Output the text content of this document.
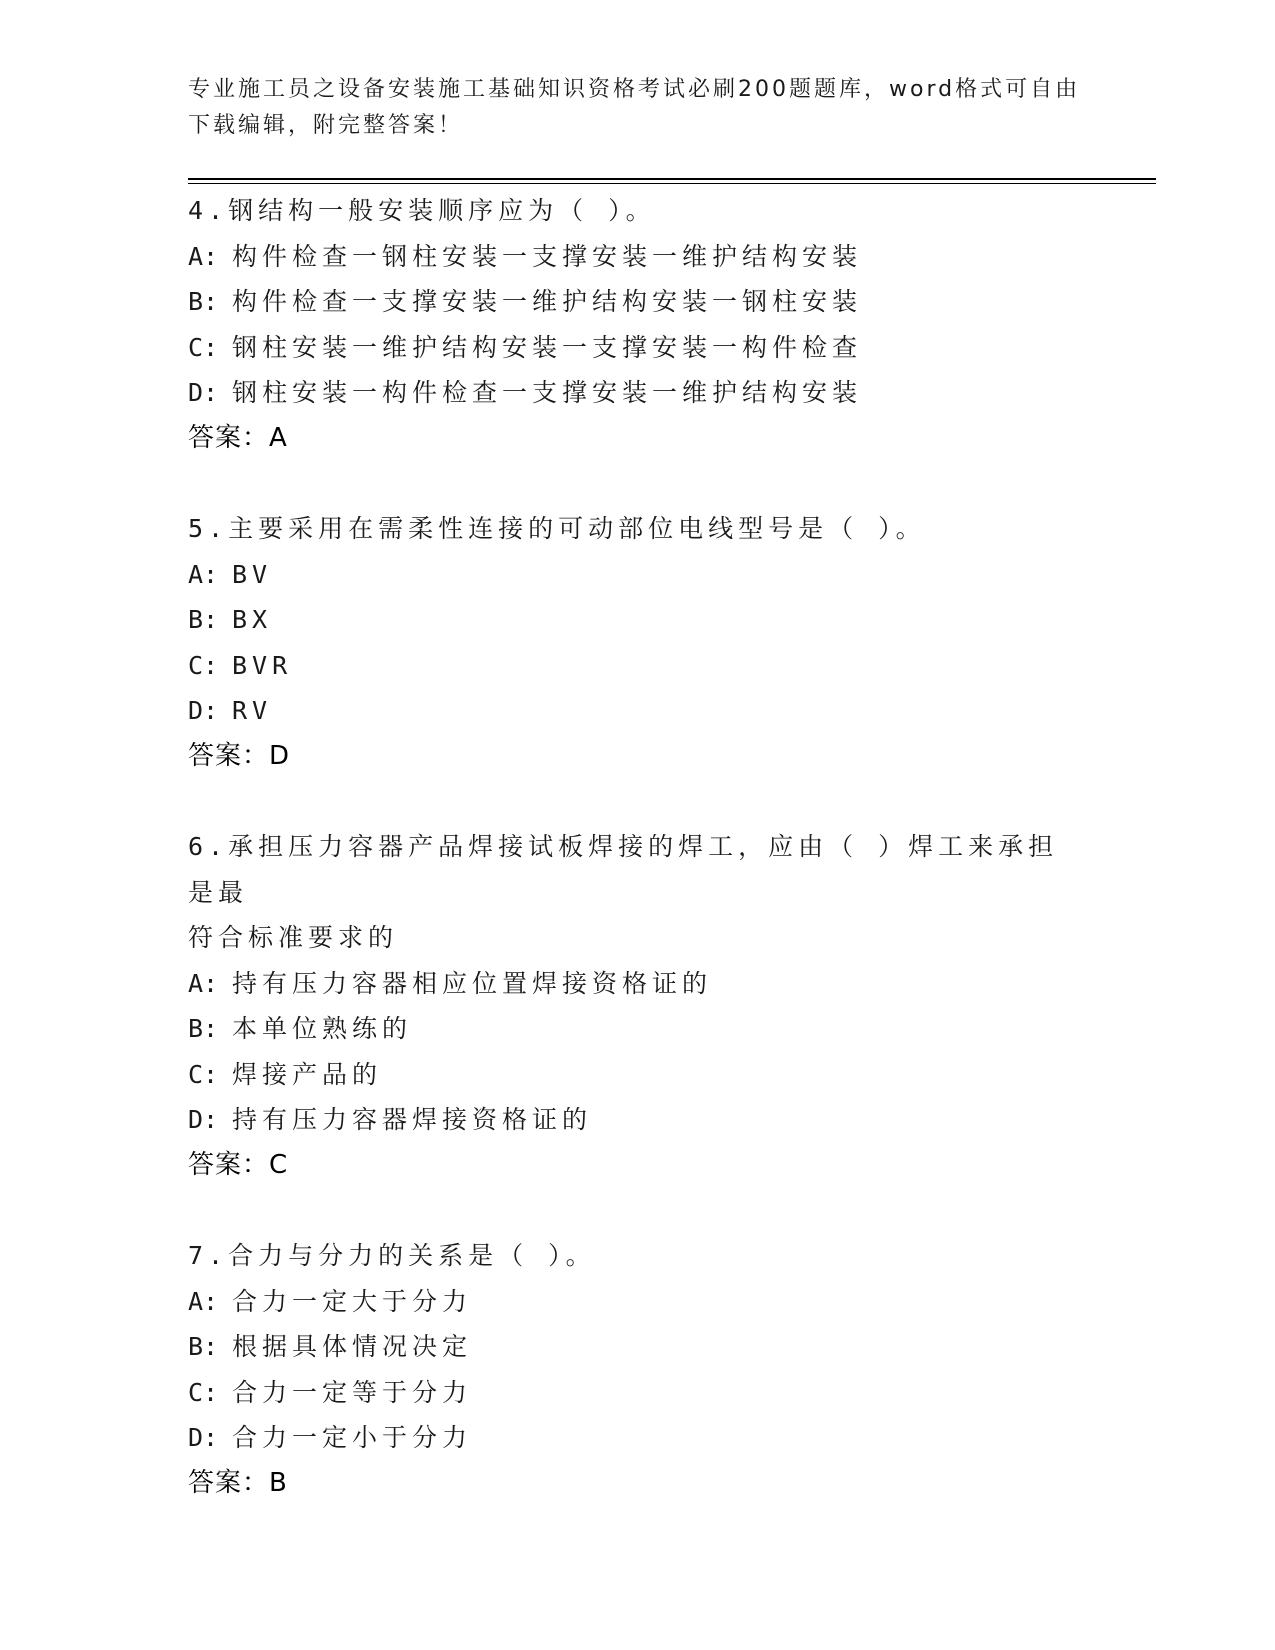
专业施工员之设备安装施工基础知识资格考试必刷200题题库，word格式可自由
下载编辑，附完整答案！
4.钢结构一般安装顺序应为（ ）。
A: 构件检查一钢柱安装一支撑安装一维护结构安装
B: 构件检查一支撑安装一维护结构安装一钢柱安装
C: 钢柱安装一维护结构安装一支撑安装一构件检查
D: 钢柱安装一构件检查一支撑安装一维护结构安装
答案：A
5.主要采用在需柔性连接的可动部位电线型号是（ ）。
A: BV
B: BX
C: BVR
D: RV
答案：D
6.承担压力容器产品焊接试板焊接的焊工，应由（ ）焊工来承担是最
符合标准要求的
A: 持有压力容器相应位置焊接资格证的
B: 本单位熟练的
C: 焊接产品的
D: 持有压力容器焊接资格证的
答案：C
7.合力与分力的关系是（ ）。
A: 合力一定大于分力
B: 根据具体情况决定
C: 合力一定等于分力
D: 合力一定小于分力
答案：B
